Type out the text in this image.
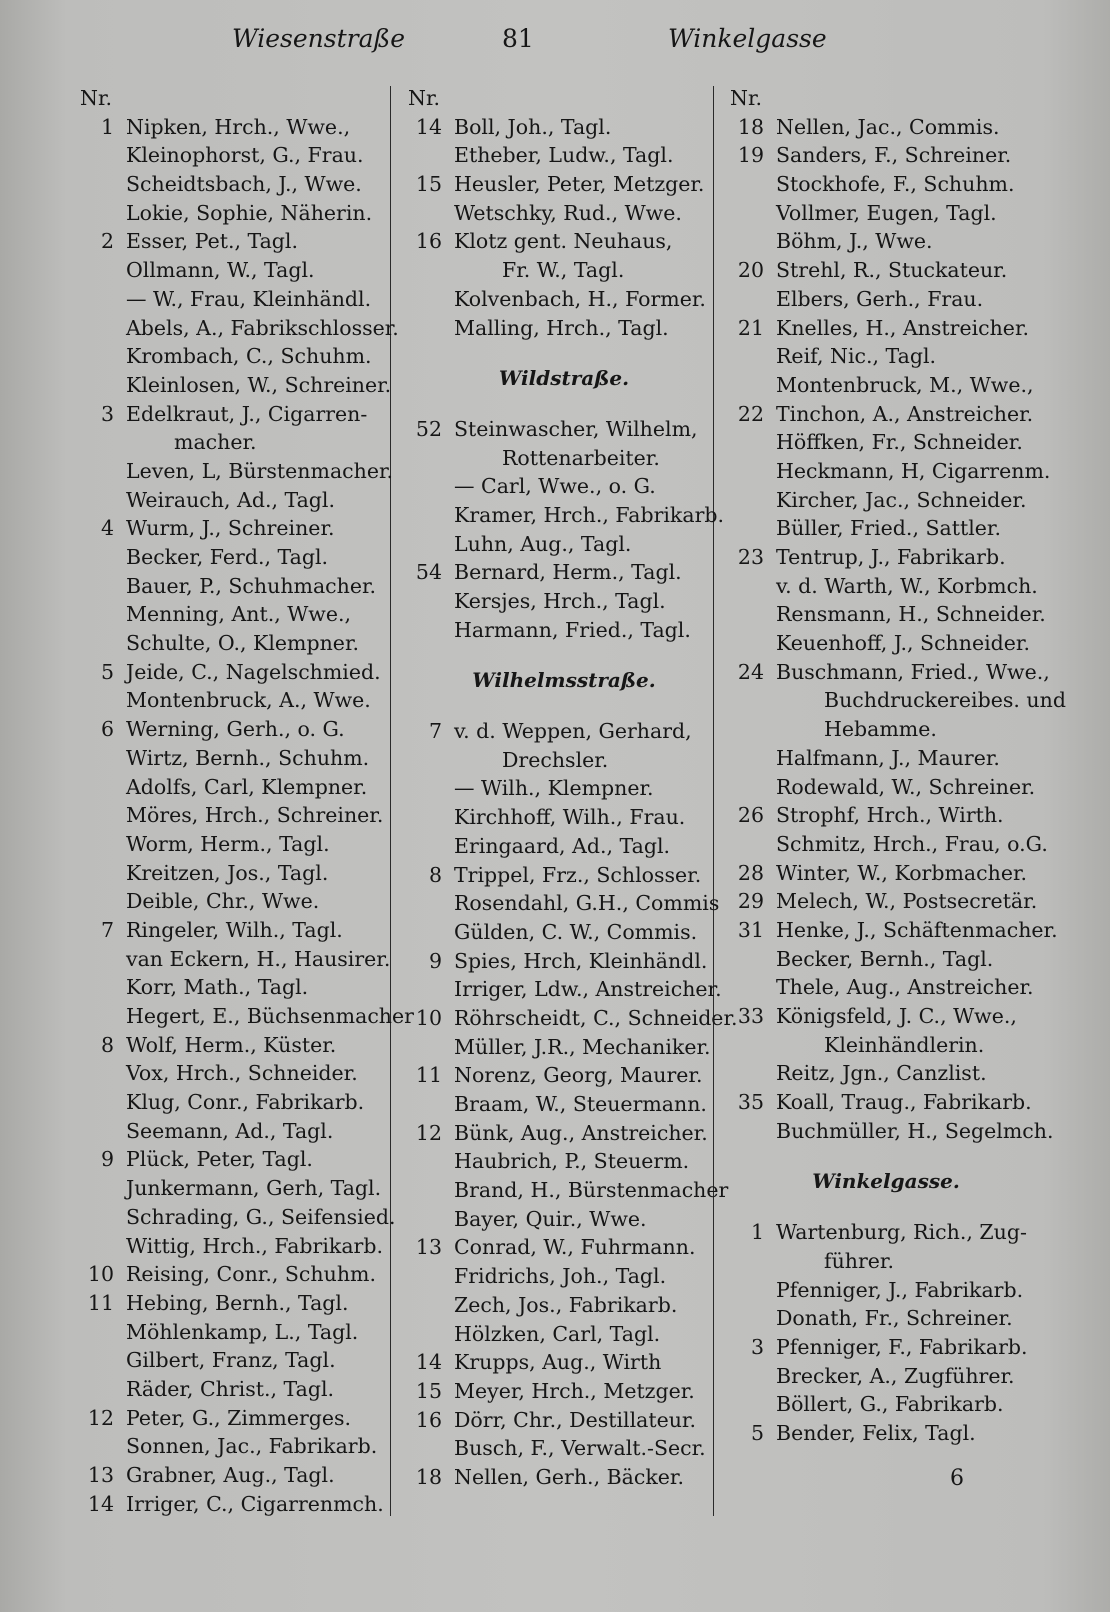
Wiesenstraße	81	Winkelgasse
Nr.
1 Nipken, Hrch., Wwe.,
Kleinophorst, G., Frau.
Scheidtsbach, J., Wwe.
Lokie, Sophie, Näherin.
2 Esser, Pet., Tagl.
Ollmann, W., Tagl.
— W., Frau, Kleinhändl.
Abels, A., Fabrikschlosser.
Krombach, C., Schuhm.
Kleinlosen, W., Schreiner.
3 Edelkraut, J., Cigarren-
macher.
Leven, L, Bürstenmacher.
Weirauch, Ad., Tagl.
4 Wurm, J., Schreiner.
Becker, Ferd., Tagl.
Bauer, P., Schuhmacher.
Menning, Ant., Wwe.,
Schulte, O., Klempner.
5 Jeide, C., Nagelschmied.
Montenbruck, A., Wwe.
6 Werning, Gerh., o. G.
Wirtz, Bernh., Schuhm.
Adolfs, Carl, Klempner.
Möres, Hrch., Schreiner.
Worm, Herm., Tagl.
Kreitzen, Jos., Tagl.
Deible, Chr., Wwe.
7 Ringeler, Wilh., Tagl.
van Eckern, H., Hausirer.
Korr, Math., Tagl.
Hegert, E., Büchsenmacher
8 Wolf, Herm., Küster.
Vox, Hrch., Schneider.
Klug, Conr., Fabrikarb.
Seemann, Ad., Tagl.
9 Plück, Peter, Tagl.
Junkermann, Gerh, Tagl.
Schrading, G., Seifensied.
Wittig, Hrch., Fabrikarb.
10 Reising, Conr., Schuhm.
11 Hebing, Bernh., Tagl.
Möhlenkamp, L., Tagl.
Gilbert, Franz, Tagl.
Räder, Christ., Tagl.
12 Peter, G., Zimmerges.
Sonnen, Jac., Fabrikarb.
13 Grabner, Aug., Tagl.
14 Irriger, C., Cigarrenmch.
Nr.
14 Boll, Joh., Tagl.
Etheber, Ludw., Tagl.
15 Heusler, Peter, Metzger.
Wetschky, Rud., Wwe.
16 Klotz gent. Neuhaus,
Fr. W., Tagl.
Kolvenbach, H., Former.
Malling, Hrch., Tagl.
Wildstraße.
52 Steinwascher, Wilhelm,
Rottenarbeiter.
— Carl, Wwe., o. G.
Kramer, Hrch., Fabrikarb.
Luhn, Aug., Tagl.
54 Bernard, Herm., Tagl.
Kersjes, Hrch., Tagl.
Harmann, Fried., Tagl.
Wilhelmsstraße.
7 v. d. Weppen, Gerhard,
Drechsler.
— Wilh., Klempner.
Kirchhoff, Wilh., Frau.
Eringaard, Ad., Tagl.
8 Trippel, Frz., Schlosser.
Rosendahl, G.H., Commis
Gülden, C. W., Commis.
9 Spies, Hrch, Kleinhändl.
Irriger, Ldw., Anstreicher.
10 Röhrscheidt, C., Schneider.
Müller, J.R., Mechaniker.
11 Norenz, Georg, Maurer.
Braam, W., Steuermann.
12 Bünk, Aug., Anstreicher.
Haubrich, P., Steuerm.
Brand, H., Bürstenmacher
Bayer, Quir., Wwe.
13 Conrad, W., Fuhrmann.
Fridrichs, Joh., Tagl.
Zech, Jos., Fabrikarb.
Hölzken, Carl, Tagl.
14 Krupps, Aug., Wirth
15 Meyer, Hrch., Metzger.
16 Dörr, Chr., Destillateur.
Busch, F., Verwalt.-Secr.
18 Nellen, Gerh., Bäcker.
Nr.
18 Nellen, Jac., Commis.
19 Sanders, F., Schreiner.
Stockhofe, F., Schuhm.
Vollmer, Eugen, Tagl.
Böhm, J., Wwe.
20 Strehl, R., Stuckateur.
Elbers, Gerh., Frau.
21 Knelles, H., Anstreicher.
Reif, Nic., Tagl.
Montenbruck, M., Wwe.,
22 Tinchon, A., Anstreicher.
Höffken, Fr., Schneider.
Heckmann, H, Cigarrenm.
Kircher, Jac., Schneider.
Büller, Fried., Sattler.
23 Tentrup, J., Fabrikarb.
v. d. Warth, W., Korbmch.
Rensmann, H., Schneider.
Keuenhoff, J., Schneider.
24 Buschmann, Fried., Wwe.,
Buchdruckereibes. und
Hebamme.
Halfmann, J., Maurer.
Rodewald, W., Schreiner.
26 Strophf, Hrch., Wirth.
Schmitz, Hrch., Frau, o.G.
28 Winter, W., Korbmacher.
29 Melech, W., Postsecretär.
31 Henke, J., Schäftenmacher.
Becker, Bernh., Tagl.
Thele, Aug., Anstreicher.
33 Königsfeld, J. C., Wwe.,
Kleinhändlerin.
Reitz, Jgn., Canzlist.
35 Koall, Traug., Fabrikarb.
Buchmüller, H., Segelmch.
Winkelgasse.
1 Wartenburg, Rich., Zug-
führer.
Pfenniger, J., Fabrikarb.
Donath, Fr., Schreiner.
3 Pfenniger, F., Fabrikarb.
Brecker, A., Zugführer.
Böllert, G., Fabrikarb.
5 Bender, Felix, Tagl.
6
